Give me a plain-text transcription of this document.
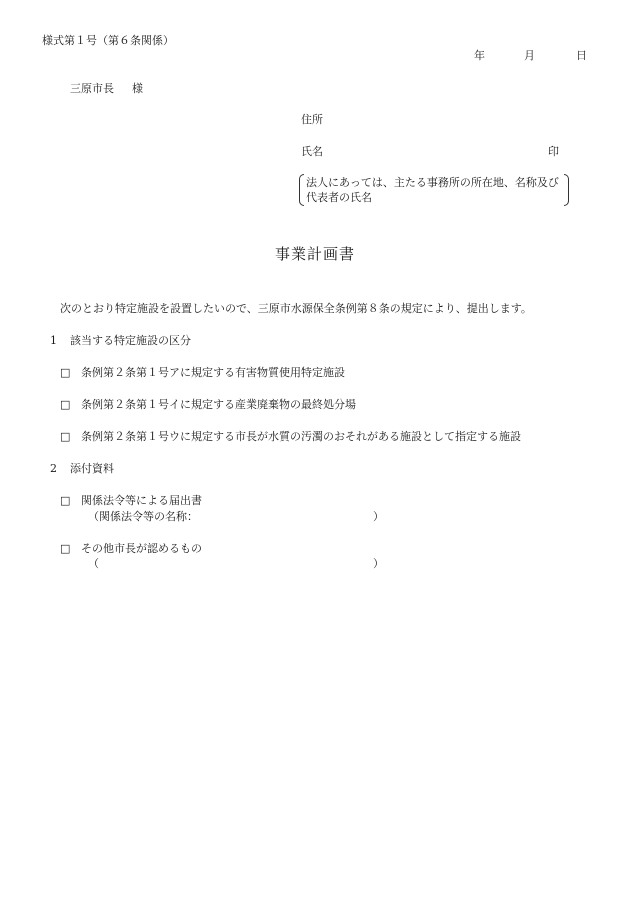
様式第１号（第６条関係）
年	月	日
三原市長 様
住所
氏名	印
法人にあっては、主たる事務所の所在地、名称及び
代表者の氏名
事業計画書
次のとおり特定施設を設置したいので、三原市水源保全条例第８条の規定により、提出します。
1 該当する特定施設の区分
□ 条例第２条第１号アに規定する有害物質使用特定施設
□ 条例第２条第１号イに規定する産業廃棄物の最終処分場
□ 条例第２条第１号ウに規定する市長が水質の汚濁のおそれがある施設として指定する施設
2 添付資料
□ 関係法令等による届出書
（関係法令等の名称：	）
□ その他市長が認めるもの
（	）
